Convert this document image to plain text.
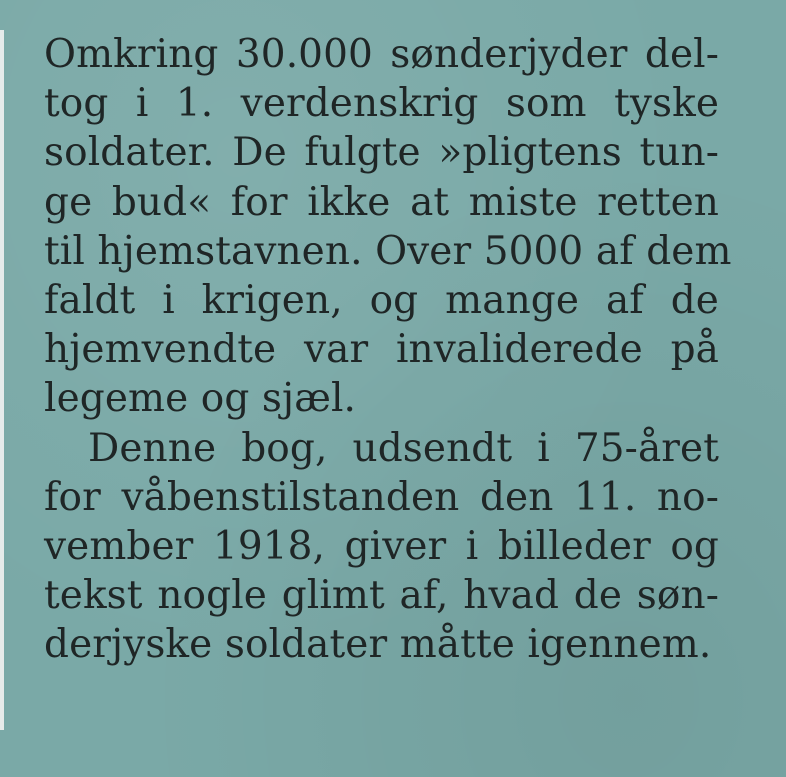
Omkring 30.000 sønderjyder del-
tog i 1. verdenskrig som tyske
soldater. De fulgte »pligtens tun-
ge bud« for ikke at miste retten
til hjemstavnen. Over 5000 af dem
faldt i krigen, og mange af de
hjemvendte var invaliderede på
legeme og sjæl.
Denne bog, udsendt i 75-året
for våbenstilstanden den 11. no-
vember 1918, giver i billeder og
tekst nogle glimt af, hvad de søn-
derjyske soldater måtte igennem.
